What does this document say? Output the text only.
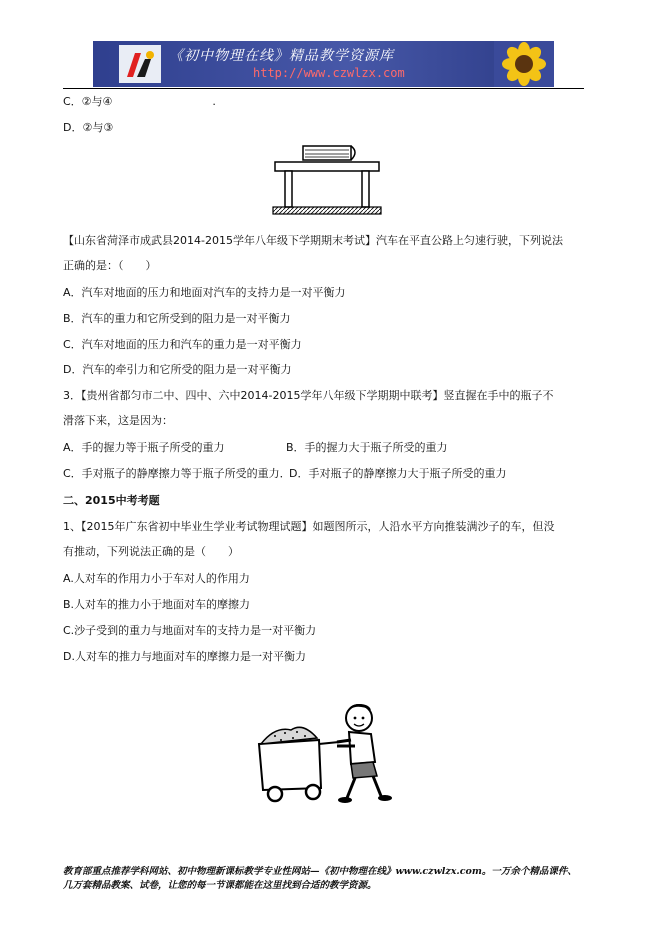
《初中物理在线》精品教学资源库
http://www.czwlzx.com
C．②与④	.
D．②与③
【山东省菏泽市成武县2014-2015学年八年级下学期期末考试】汽车在平直公路上匀速行驶，下列说法
正确的是：（　　）
A．汽车对地面的压力和地面对汽车的支持力是一对平衡力
B．汽车的重力和它所受到的阻力是一对平衡力
C．汽车对地面的压力和汽车的重力是一对平衡力
D．汽车的牵引力和它所受的阻力是一对平衡力
3．【贵州省都匀市二中、四中、六中2014-2015学年八年级下学期期中联考】竖直握在手中的瓶子不
滑落下来，这是因为：
A．手的握力等于瓶子所受的重力	B．手的握力大于瓶子所受的重力
C．手对瓶子的静摩擦力等于瓶子所受的重力．
D．手对瓶子的静摩擦力大于瓶子所受的重力
二、2015中考考题
1、【2015年广东省初中毕业生学业考试物理试题】如题图所示，人沿水平方向推装满沙子的车，但没
有推动，下列说法正确的是（　　）
A.人对车的作用力小于车对人的作用力
B.人对车的推力小于地面对车的摩擦力
C.沙子受到的重力与地面对车的支持力是一对平衡力
D.人对车的推力与地面对车的摩擦力是一对平衡力
教育部重点推荐学科网站、初中物理新课标教学专业性网站—《初中物理在线》www.czwlzx.com。一万余个精品课件、
几万套精品教案、试卷，让您的每一节课都能在这里找到合适的教学资源。
